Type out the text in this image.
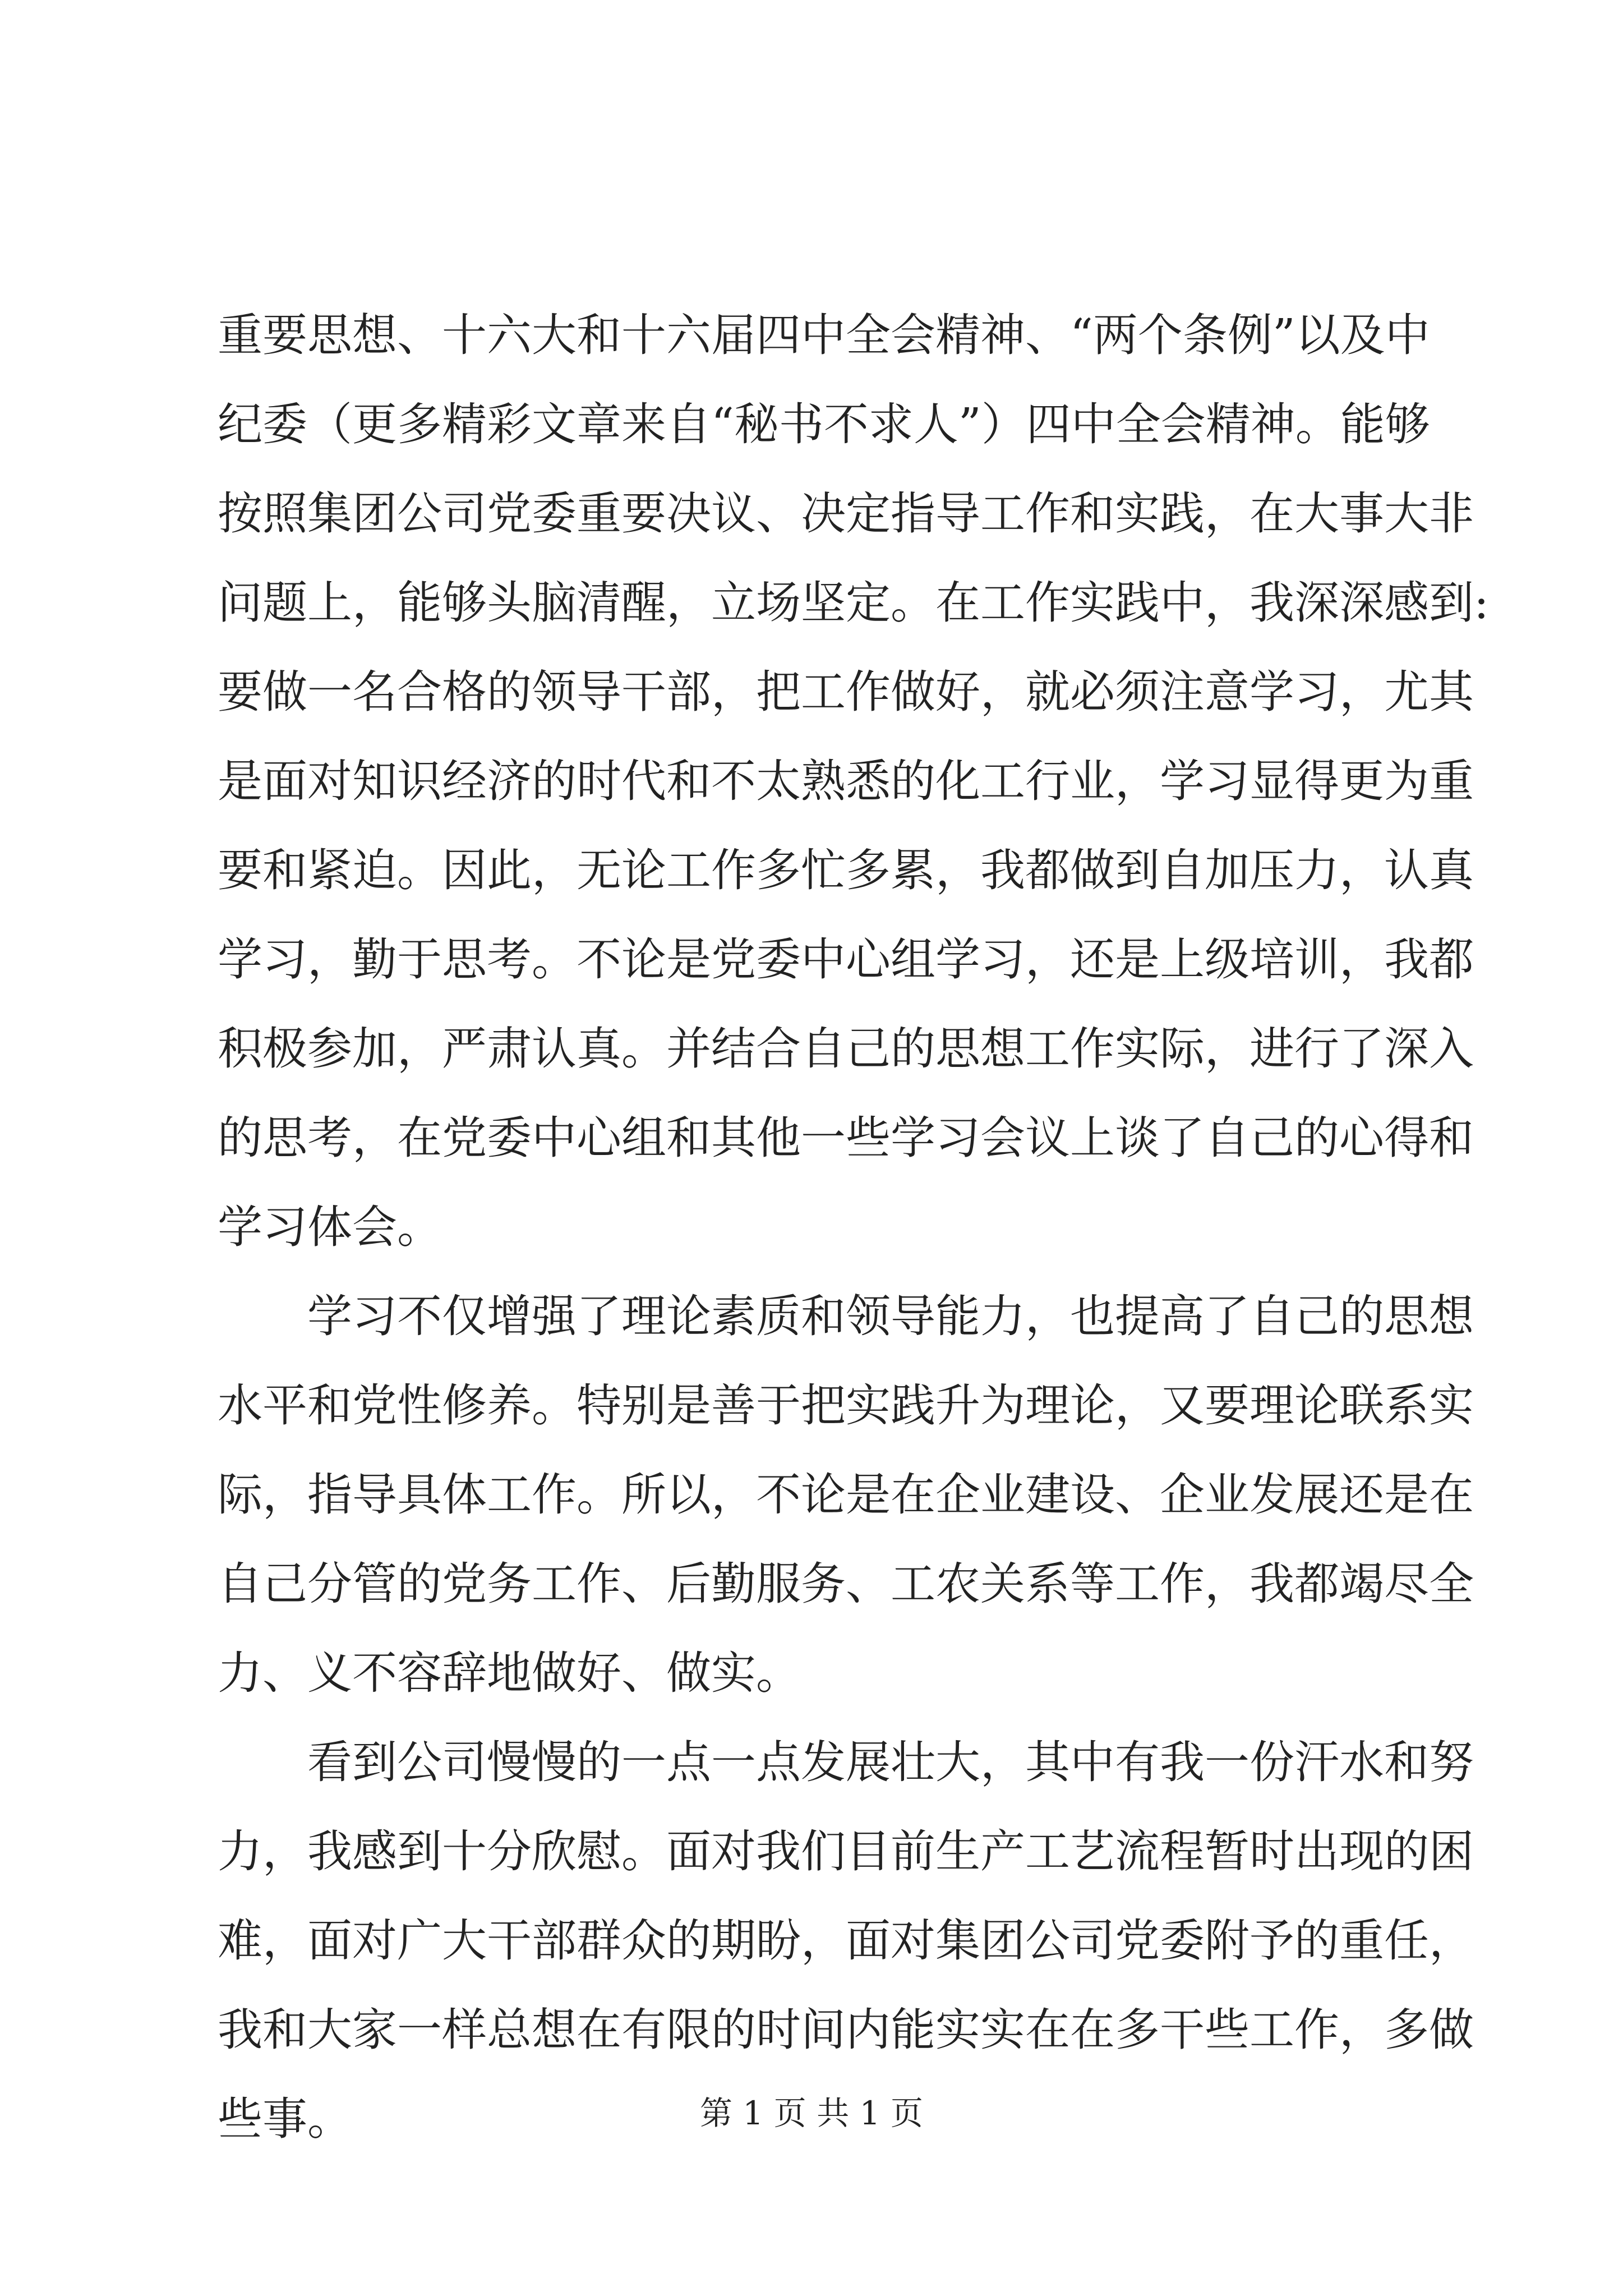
重要思想、十六大和十六届四中全会精神、“两个条例”以及中
纪委（更多精彩文章来自“秘书不求人”）四中全会精神。能够
按照集团公司党委重要决议、决定指导工作和实践，在大事大非
问题上，能够头脑清醒，立场坚定。在工作实践中，我深深感到:
要做一名合格的领导干部，把工作做好，就必须注意学习，尤其
是面对知识经济的时代和不太熟悉的化工行业，学习显得更为重
要和紧迫。因此，无论工作多忙多累，我都做到自加压力，认真
学习，勤于思考。不论是党委中心组学习，还是上级培训，我都
积极参加，严肃认真。并结合自己的思想工作实际，进行了深入
的思考，在党委中心组和其他一些学习会议上谈了自己的心得和
学习体会。
学习不仅增强了理论素质和领导能力，也提高了自己的思想
水平和党性修养。特别是善于把实践升为理论，又要理论联系实
际，指导具体工作。所以，不论是在企业建设、企业发展还是在
自己分管的党务工作、后勤服务、工农关系等工作，我都竭尽全
力、义不容辞地做好、做实。
看到公司慢慢的一点一点发展壮大，其中有我一份汗水和努
力，我感到十分欣慰。面对我们目前生产工艺流程暂时出现的困
难，面对广大干部群众的期盼，面对集团公司党委附予的重任，
我和大家一样总想在有限的时间内能实实在在多干些工作，多做
些事。	第 1 页 共 1 页
